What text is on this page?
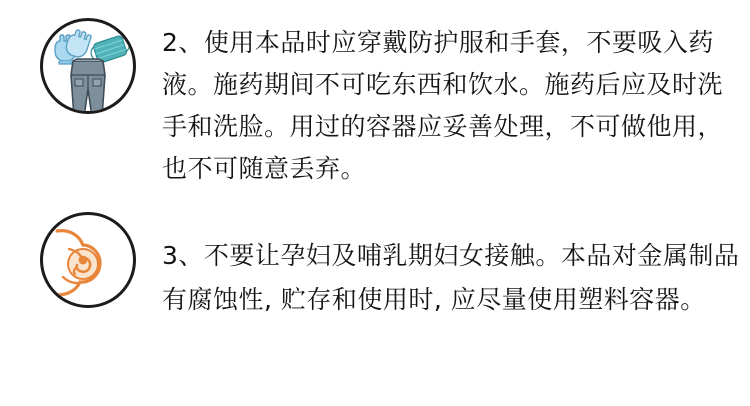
2、使用本品时应穿戴防护服和手套，不要吸入药液。施药期间不可吃东西和饮水。施药后应及时洗手和洗脸。用过的容器应妥善处理，不可做他用，也不可随意丢弃。
3、不要让孕妇及哺乳期妇女接触。本品对金属制品有腐蚀性, 贮存和使用时, 应尽量使用塑料容器。
